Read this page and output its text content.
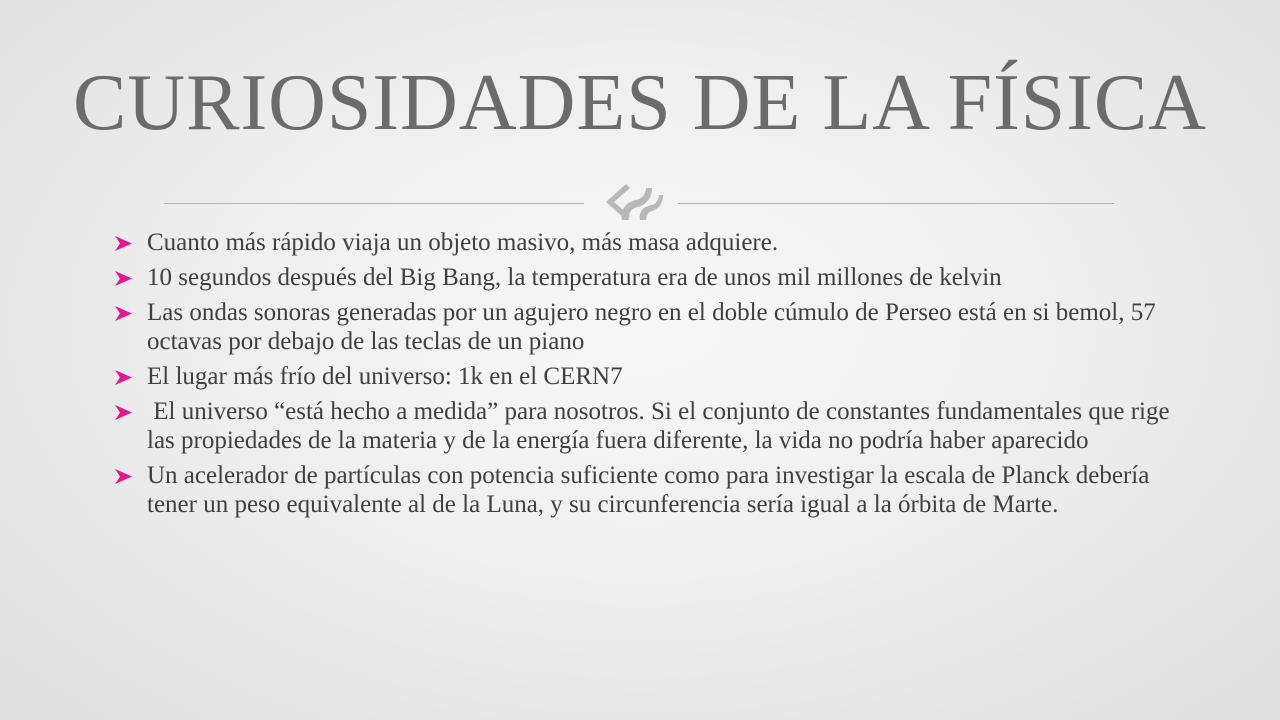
CURIOSIDADES DE LA FÍSICA
Cuanto más rápido viaja un objeto masivo, más masa adquiere.
10 segundos después del Big Bang, la temperatura era de unos mil millones de kelvin
Las ondas sonoras generadas por un agujero negro en el doble cúmulo de Perseo está en si bemol, 57 octavas por debajo de las teclas de un piano
El lugar más frío del universo: 1k en el CERN7
El universo “está hecho a medida” para nosotros. Si el conjunto de constantes fundamentales que rige las propiedades de la materia y de la energía fuera diferente, la vida no podría haber aparecido
Un acelerador de partículas con potencia suficiente como para investigar la escala de Planck debería tener un peso equivalente al de la Luna, y su circunferencia sería igual a la órbita de Marte.
